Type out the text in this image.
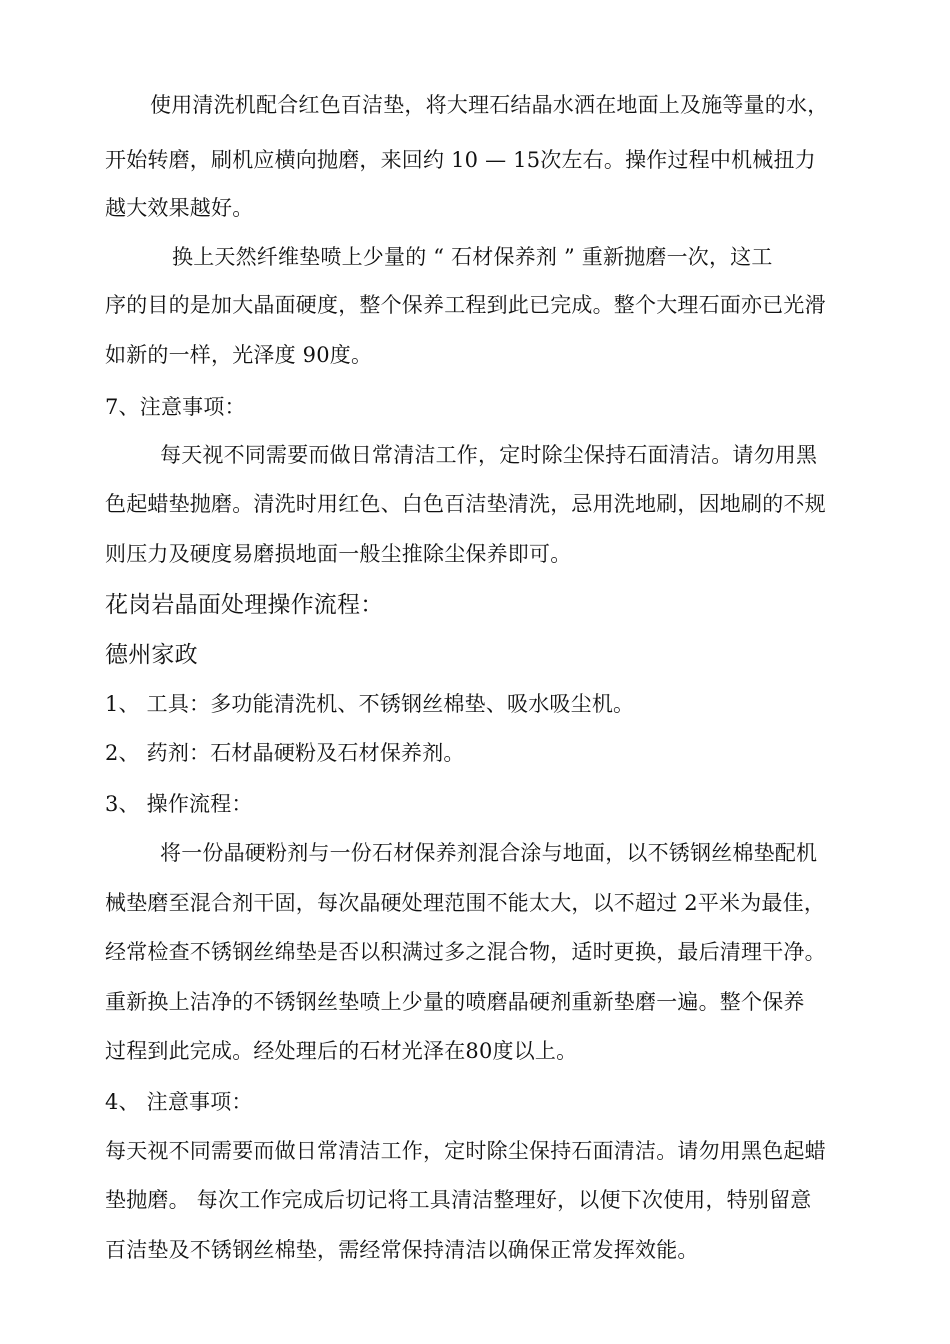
使用清洗机配合红色百洁垫，将大理石结晶水洒在地面上及施等量的水，
开始转磨，刷机应横向抛磨，来回约 10 — 15次左右。操作过程中机械扭力
越大效果越好。
换上天然纤维垫喷上少量的 “ 石材保养剂 ” 重新抛磨一次，这工
序的目的是加大晶面硬度，整个保养工程到此已完成。整个大理石面亦已光滑
如新的一样，光泽度 90度。
7、注意事项：
每天视不同需要而做日常清洁工作，定时除尘保持石面清洁。请勿用黑
色起蜡垫抛磨。清洗时用红色、白色百洁垫清洗，忌用洗地刷，因地刷的不规
则压力及硬度易磨损地面一般尘推除尘保养即可。
花岗岩晶面处理操作流程：
德州家政
1、 工具：多功能清洗机、不锈钢丝棉垫、吸水吸尘机。
2、 药剂：石材晶硬粉及石材保养剂。
3、 操作流程：
将一份晶硬粉剂与一份石材保养剂混合涂与地面，以不锈钢丝棉垫配机
械垫磨至混合剂干固，每次晶硬处理范围不能太大，以不超过 2平米为最佳，
经常检查不锈钢丝绵垫是否以积满过多之混合物，适时更换，最后清理干净。
重新换上洁净的不锈钢丝垫喷上少量的喷磨晶硬剂重新垫磨一遍。整个保养
过程到此完成。经处理后的石材光泽在80度以上。
4、 注意事项：
每天视不同需要而做日常清洁工作，定时除尘保持石面清洁。请勿用黑色起蜡
垫抛磨。 每次工作完成后切记将工具清洁整理好，以便下次使用，特别留意
百洁垫及不锈钢丝棉垫，需经常保持清洁以确保正常发挥效能。
